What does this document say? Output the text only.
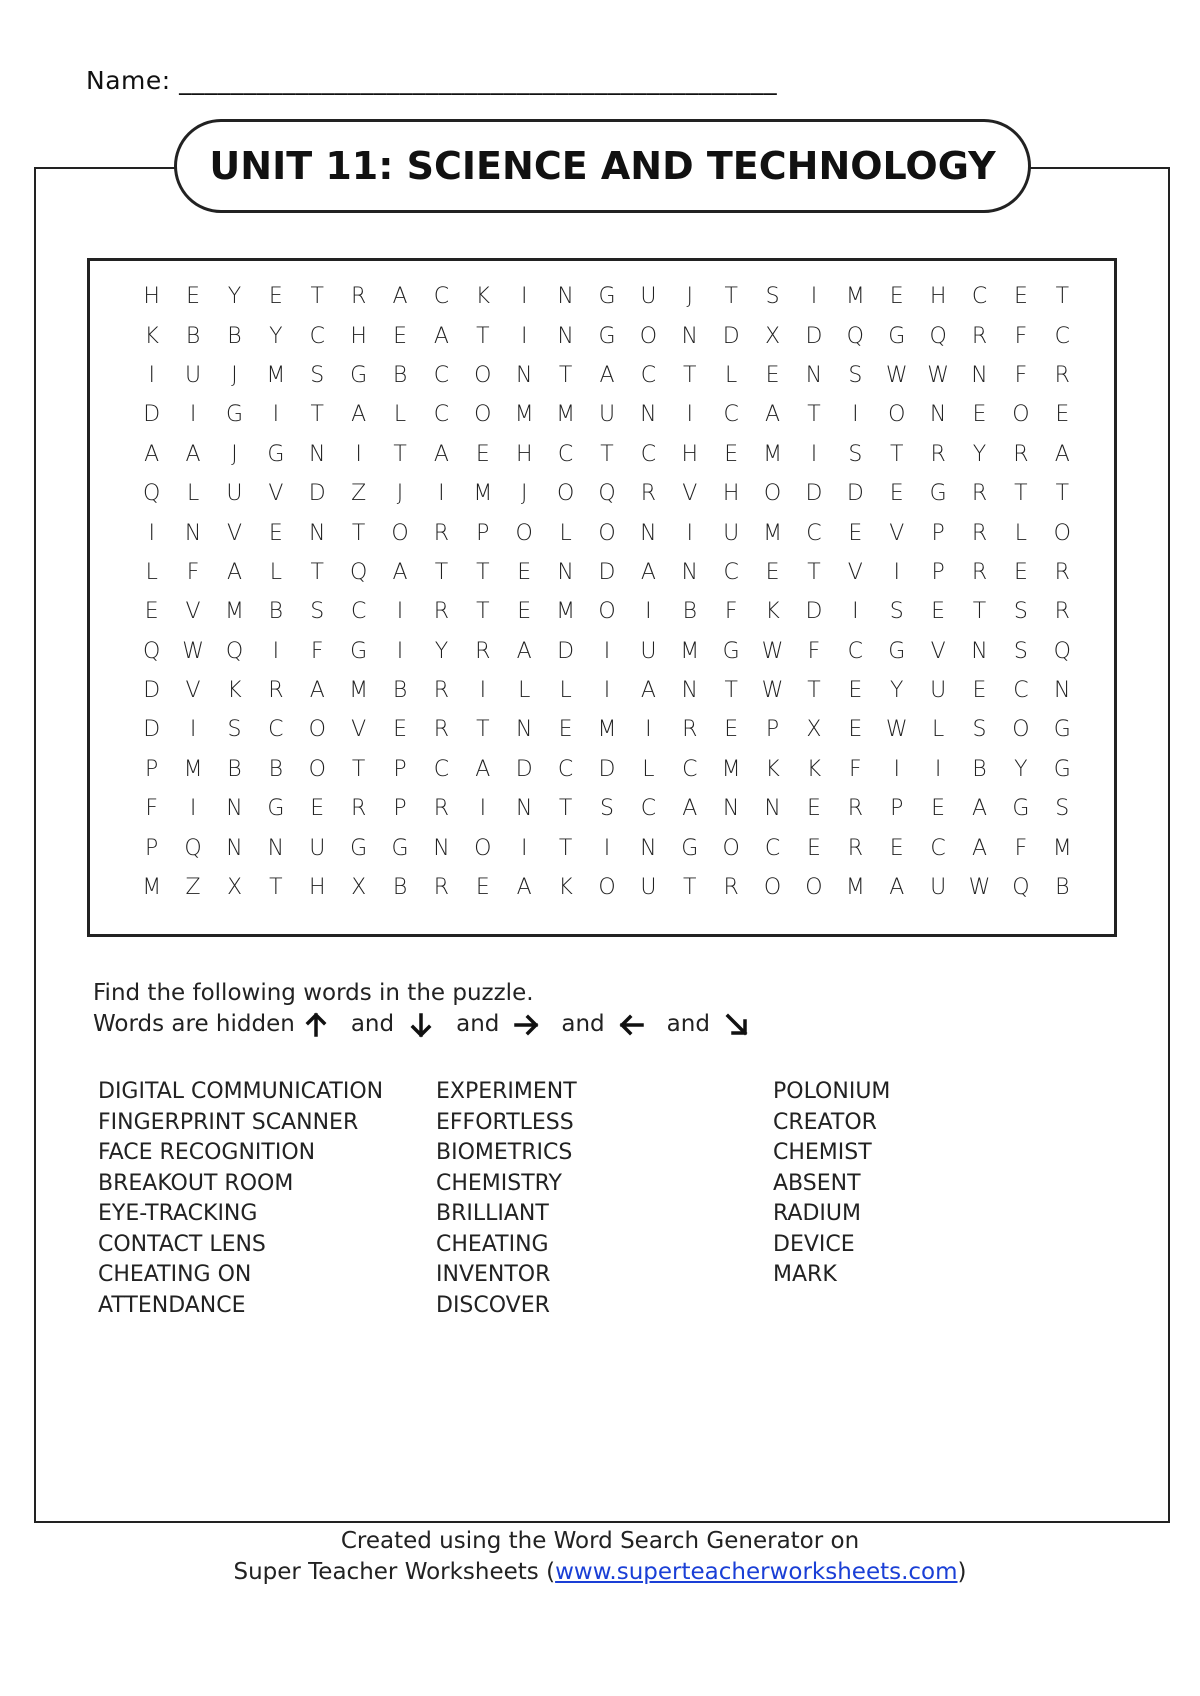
Name: ______________________________________________
UNIT 11: SCIENCE AND TECHNOLOGY
H	E	Y	E	T	R	A	C	K	I	N	G	U	J	T	S	I	M	E	H	C	E	T
K	B	B	Y	C	H	E	A	T	I	N	G	O	N	D	X	D	Q	G	Q	R	F	C
I	U	J	M	S	G	B	C	O	N	T	A	C	T	L	E	N	S	W W	N	F	R
D	I	G	I	T	A	L	C	O	M	M	U	N	I	C	A	T	I	O	N	E	O	E
A	A	J	G	N	I	T	A	E	H	C	T	C	H	E	M	I	S	T	R	Y	R	A
Q	L	U	V	D	Z	J	I	M	J	O	Q	R	V	H	O	D	D	E	G	R	T	T
I	N	V	E	N	T	O	R	P	O	L	O	N	I	U	M	C	E	V	P	R	L	O
L	F	A	L	T	Q	A	T	T	E	N	D	A	N	C	E	T	V	I	P	R	E	R
E	V	M	B	S	C	I	R	T	E	M	O	I	B	F	K	D	I	S	E	T	S	R
Q W Q	I	F	G	I	Y	R	A	D	I	U	M	G W	F	C	G	V	N	S	Q
D	V	K	R	A	M	B	R	I	L	L	I	A	N	T	W	T	E	Y	U	E	C	N
D	I	S	C	O	V	E	R	T	N	E	M	I	R	E	P	X	E	W	L	S	O	G
P	M	B	B	O	T	P	C	A	D	C	D	L	C	M	K	K	F	I	I	B	Y	G
F	I	N	G	E	R	P	R	I	N	T	S	C	A	N	N	E	R	P	E	A	G	S
P	Q	N	N	U	G	G	N	O	I	T	I	N	G	O	C	E	R	E	C	A	F	M
M	Z	X	T	H	X	B	R	E	A	K	O	U	T	R	O	O	M	A	U	W Q	B
Find the following words in the puzzle.
Words are hidden and	and	and	and
DIGITAL COMMUNICATION
FINGERPRINT SCANNER
FACE RECOGNITION
BREAKOUT ROOM
EYE-TRACKING
CONTACT LENS
CHEATING ON
ATTENDANCE
EXPERIMENT
EFFORTLESS
BIOMETRICS
CHEMISTRY
BRILLIANT
CHEATING
INVENTOR
DISCOVER
POLONIUM
CREATOR
CHEMIST
ABSENT
RADIUM
DEVICE
MARK
Created using the Word Search Generator on
Super Teacher Worksheets (www.superteacherworksheets.com)
